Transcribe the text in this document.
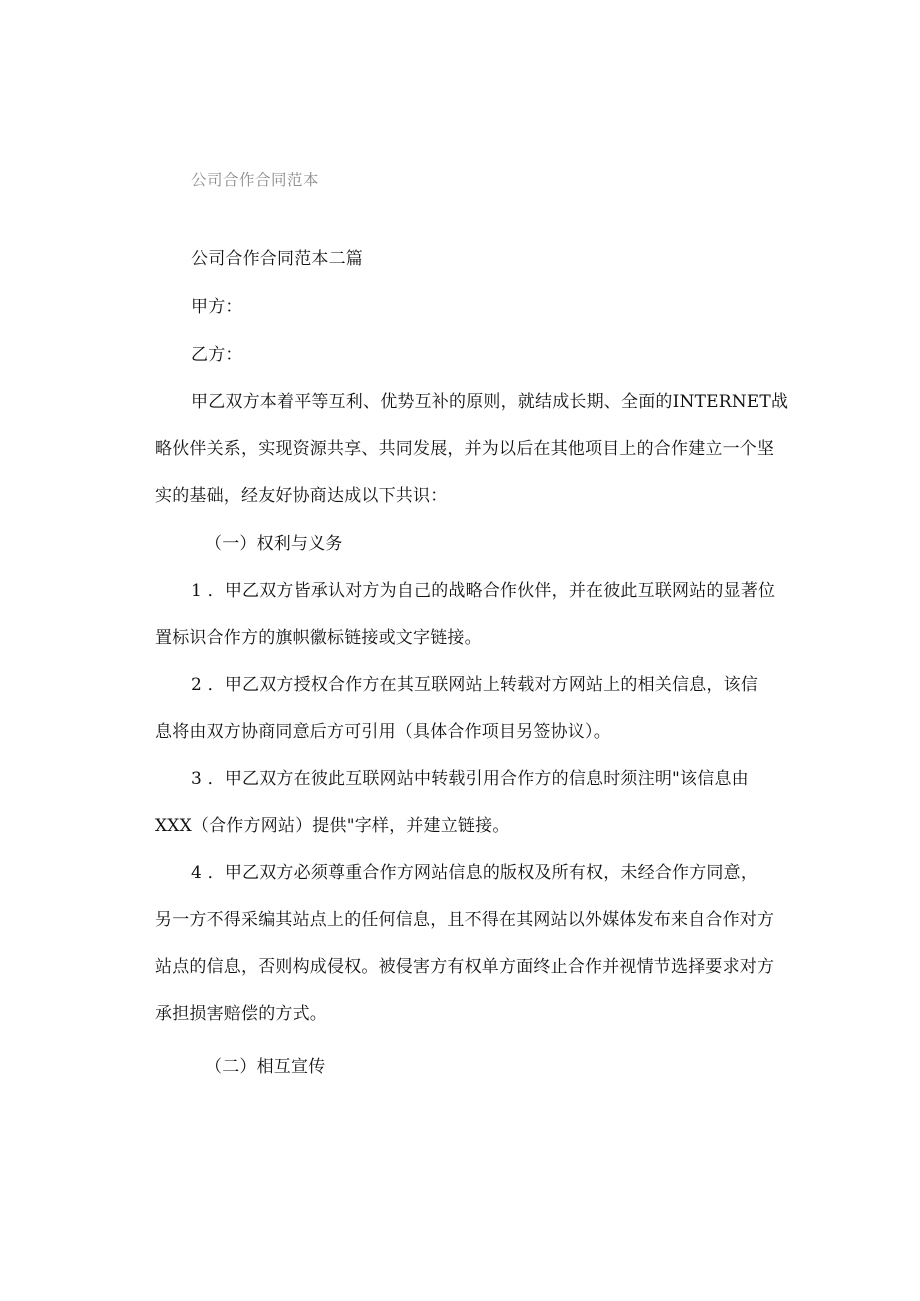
公司合作合同范本
公司合作合同范本二篇
甲方：
乙方：
甲乙双方本着平等互利、优势互补的原则，就结成长期、全面的INTERNET战
略伙伴关系，实现资源共享、共同发展，并为以后在其他项目上的合作建立一个坚
实的基础，经友好协商达成以下共识：
（一）权利与义务
1 ．甲乙双方皆承认对方为自己的战略合作伙伴，并在彼此互联网站的显著位
置标识合作方的旗帜徽标链接或文字链接。
2 ．甲乙双方授权合作方在其互联网站上转载对方网站上的相关信息，该信
息将由双方协商同意后方可引用（具体合作项目另签协议）。
3 ．甲乙双方在彼此互联网站中转载引用合作方的信息时须注明"该信息由
XXX（合作方网站）提供"字样，并建立链接。
4 ．甲乙双方必须尊重合作方网站信息的版权及所有权，未经合作方同意，
另一方不得采编其站点上的任何信息，且不得在其网站以外媒体发布来自合作对方
站点的信息，否则构成侵权。被侵害方有权单方面终止合作并视情节选择要求对方
承担损害赔偿的方式。
（二）相互宣传
